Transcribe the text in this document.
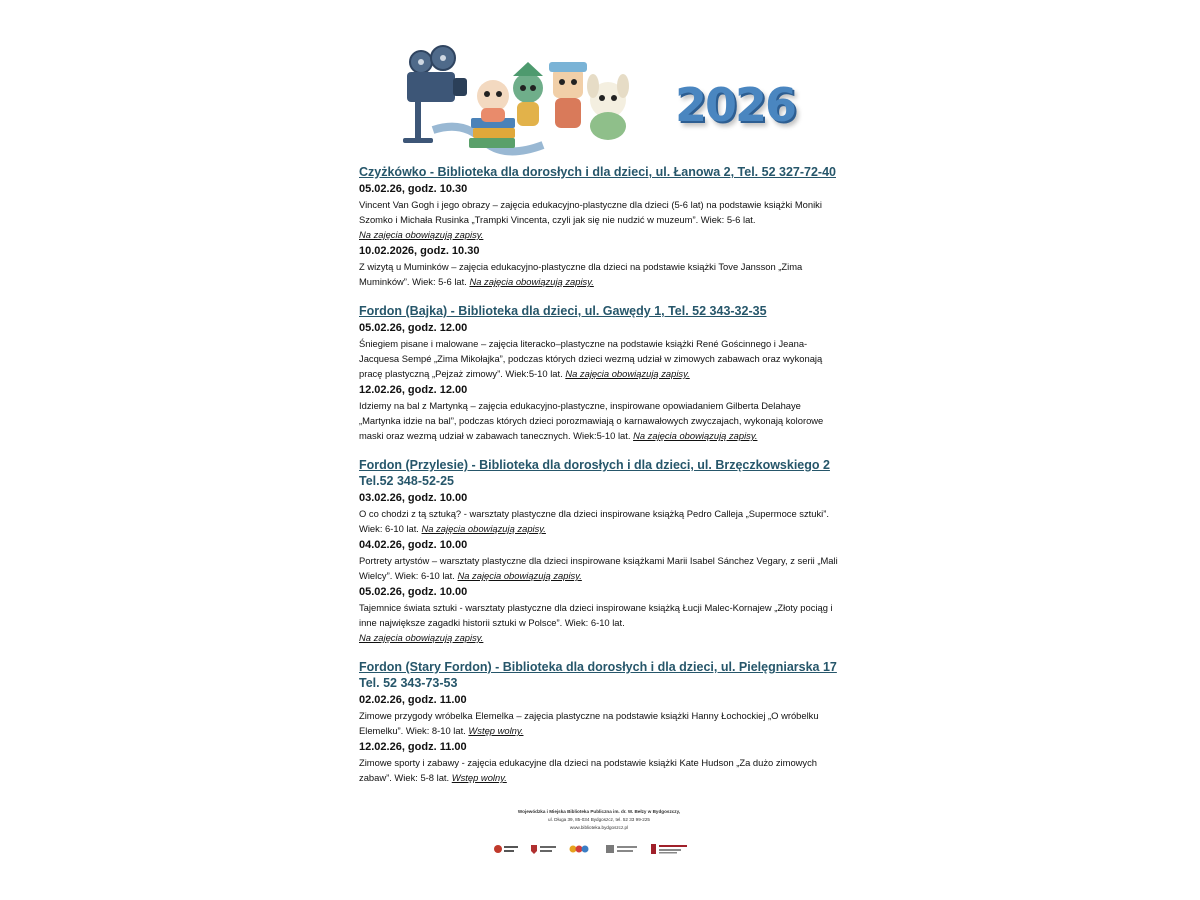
2026
Czyżkówko - Biblioteka dla dorosłych i dla dzieci, ul. Łanowa 2, Tel. 52 327-72-40
05.02.26, godz. 10.30
Vincent Van Gogh i jego obrazy – zajęcia edukacyjno-plastyczne dla dzieci (5-6 lat) na podstawie książki Moniki Szomko i Michała Rusinka „Trampki Vincenta, czyli jak się nie nudzić w muzeum”. Wiek: 5-6 lat.
Na zajęcia obowiązują zapisy.
10.02.2026, godz. 10.30
Z wizytą u Muminków – zajęcia edukacyjno-plastyczne dla dzieci na podstawie książki Tove Jansson „Zima Muminków”. Wiek: 5-6 lat. Na zajęcia obowiązują zapisy.
Fordon (Bajka) - Biblioteka dla dzieci, ul. Gawędy 1, Tel. 52 343-32-35
05.02.26, godz. 12.00
Śniegiem pisane i malowane – zajęcia literacko–plastyczne na podstawie książki René Gościnnego i Jeana-Jacquesa Sempé „Zima Mikołajka”, podczas których dzieci wezmą udział w zimowych zabawach oraz wykonają pracę plastyczną „Pejzaż zimowy”. Wiek:5-10 lat. Na zajęcia obowiązują zapisy.
12.02.26, godz. 12.00
Idziemy na bal z Martynką – zajęcia edukacyjno-plastyczne, inspirowane opowiadaniem Gilberta Delahaye „Martynka idzie na bal”, podczas których dzieci porozmawiają o karnawałowych zwyczajach, wykonają kolorowe maski oraz wezmą udział w zabawach tanecznych. Wiek:5-10 lat. Na zajęcia obowiązują zapisy.
Fordon (Przylesie) - Biblioteka dla dorosłych i dla dzieci, ul. Brzęczkowskiego 2
Tel.52 348-52-25
03.02.26, godz. 10.00
O co chodzi z tą sztuką? - warsztaty plastyczne dla dzieci inspirowane książką Pedro Calleja „Supermoce sztuki”. Wiek: 6-10 lat. Na zajęcia obowiązują zapisy.
04.02.26, godz. 10.00
Portrety artystów – warsztaty plastyczne dla dzieci inspirowane książkami Marii Isabel Sánchez Vegary, z serii „Mali Wielcy”. Wiek: 6-10 lat. Na zajęcia obowiązują zapisy.
05.02.26, godz. 10.00
Tajemnice świata sztuki - warsztaty plastyczne dla dzieci inspirowane książką Łucji Malec-Kornajew „Złoty pociąg i inne największe zagadki historii sztuki w Polsce”. Wiek: 6-10 lat.
Na zajęcia obowiązują zapisy.
Fordon (Stary Fordon) - Biblioteka dla dorosłych i dla dzieci, ul. Pielęgniarska 17
Tel. 52 343-73-53
02.02.26, godz. 11.00
Zimowe przygody wróbelka Elemelka – zajęcia plastyczne na podstawie książki Hanny Łochockiej „O wróbelku Elemelku”. Wiek: 8-10 lat. Wstęp wolny.
12.02.26, godz. 11.00
Zimowe sporty i zabawy - zajęcia edukacyjne dla dzieci na podstawie książki Kate Hudson „Za dużo zimowych zabaw”. Wiek: 5-8 lat. Wstęp wolny.
Wojewódzka i Miejska Biblioteka Publiczna im. dr. W. Bełzy w Bydgoszczy,
ul. Długa 39, 85-034 Bydgoszcz, tel. 52 33 99-225
www.biblioteka.bydgoszcz.pl
